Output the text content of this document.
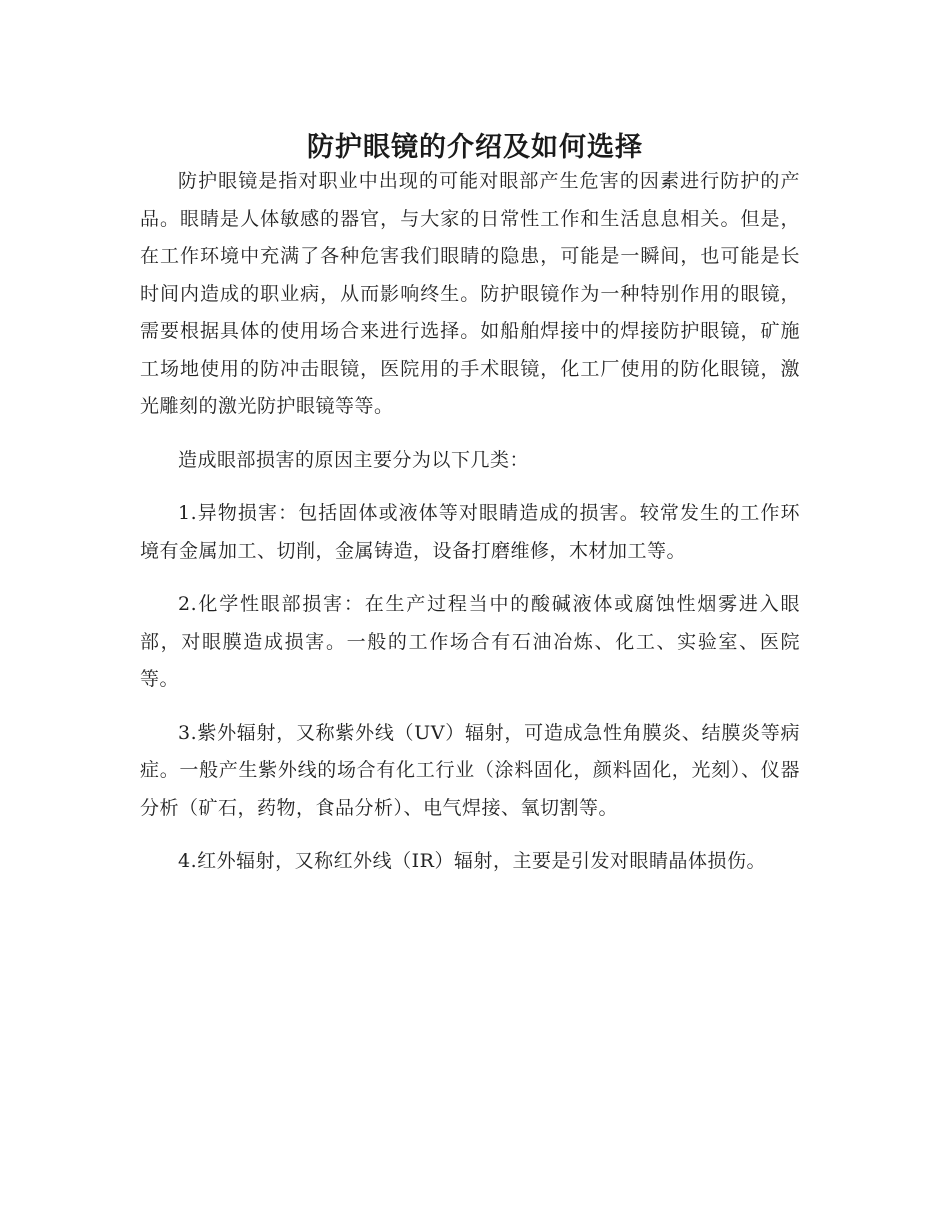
防护眼镜的介绍及如何选择

防护眼镜是指对职业中出现的可能对眼部产生危害的因素进行防护的产品。眼睛是人体敏感的器官，与大家的日常性工作和生活息息相关。但是，在工作环境中充满了各种危害我们眼睛的隐患，可能是一瞬间，也可能是长时间内造成的职业病，从而影响终生。防护眼镜作为一种特别作用的眼镜，需要根据具体的使用场合来进行选择。如船舶焊接中的焊接防护眼镜，矿施工场地使用的防冲击眼镜，医院用的手术眼镜，化工厂使用的防化眼镜，激光雕刻的激光防护眼镜等等。

造成眼部损害的原因主要分为以下几类：

1.异物损害：包括固体或液体等对眼睛造成的损害。较常发生的工作环境有金属加工、切削，金属铸造，设备打磨维修，木材加工等。

2.化学性眼部损害：在生产过程当中的酸碱液体或腐蚀性烟雾进入眼部，对眼膜造成损害。一般的工作场合有石油冶炼、化工、实验室、医院等。

3.紫外辐射，又称紫外线（UV）辐射，可造成急性角膜炎、结膜炎等病症。一般产生紫外线的场合有化工行业（涂料固化，颜料固化，光刻）、仪器分析（矿石，药物，食品分析）、电气焊接、氧切割等。

4.红外辐射，又称红外线（IR）辐射，主要是引发对眼睛晶体损伤。
